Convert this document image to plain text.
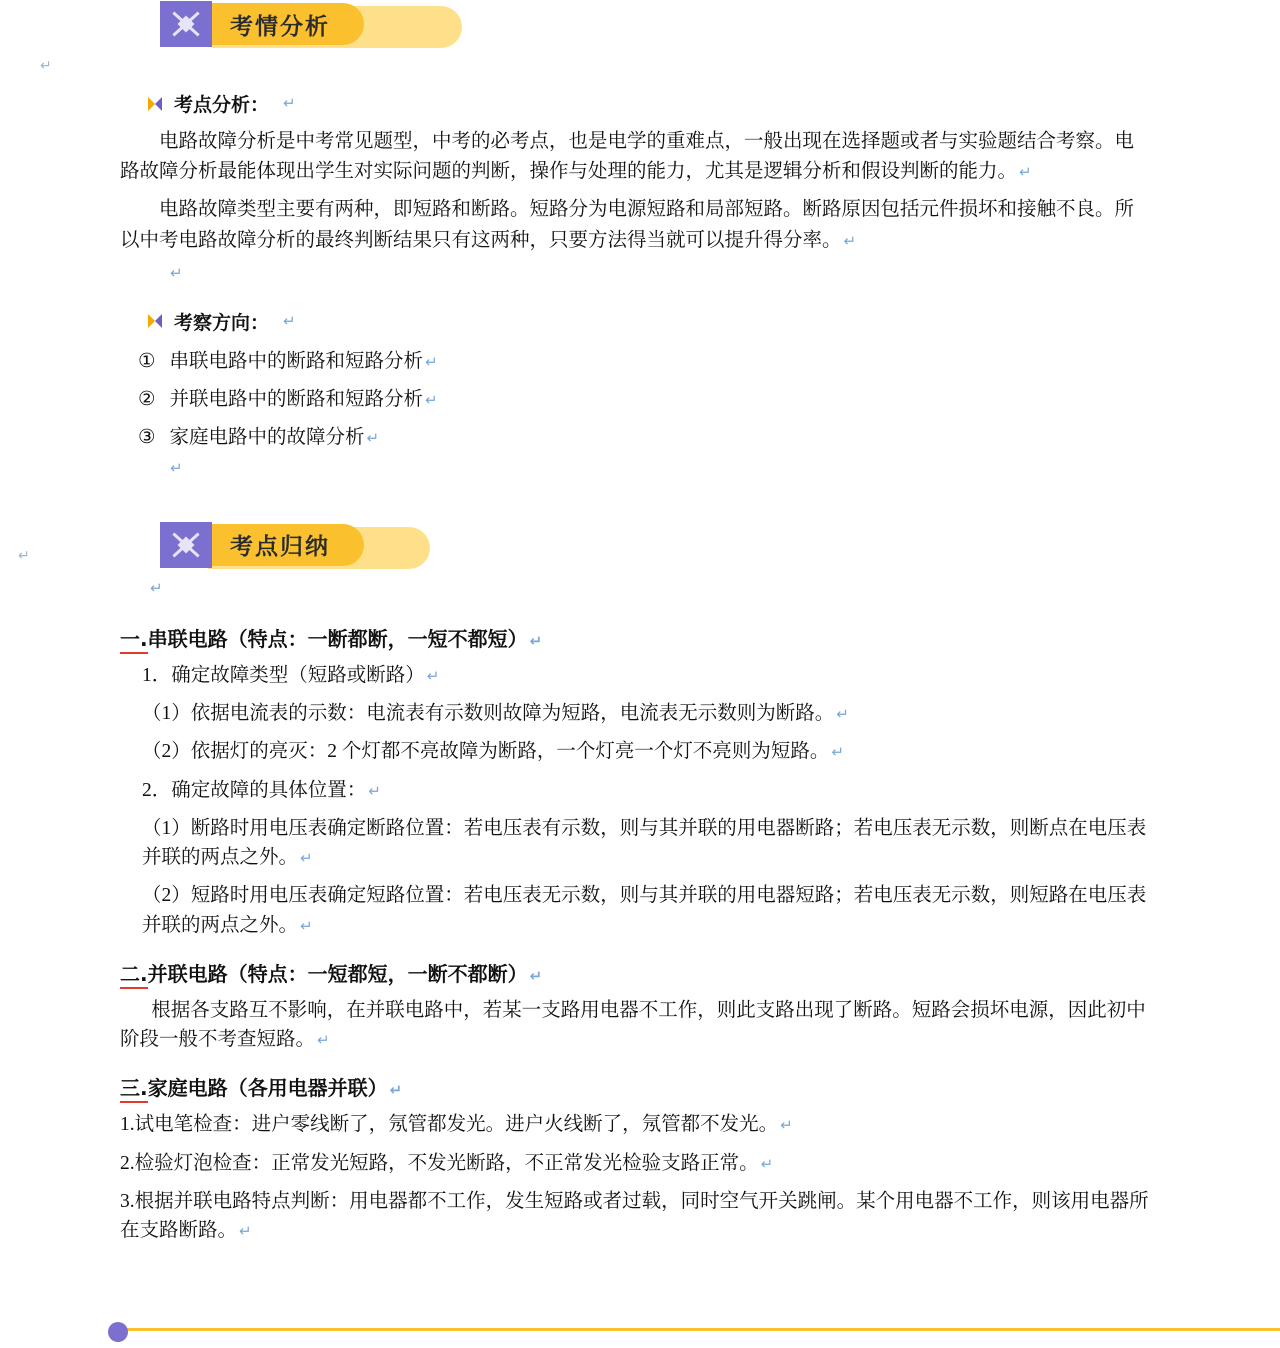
↵
↵
考情分析
考点分析： ↵

电路故障分析是中考常见题型，中考的必考点，也是电学的重难点，一般出现在选择题或者与实验题结合考察。电路故障分析最能体现出学生对实际问题的判断，操作与处理的能力，尤其是逻辑分析和假设判断的能力。 ↵

电路故障类型主要有两种，即短路和断路。短路分为电源短路和局部短路。断路原因包括元件损坏和接触不良。所以中考电路故障分析的最终判断结果只有这两种，只要方法得当就可以提升得分率。 ↵

↵
考察方向： ↵
① 串联电路中的断路和短路分析 ↵
② 并联电路中的断路和短路分析 ↵
③ 家庭电路中的故障分析 ↵
↵
考点归纳
↵
一.串联电路（特点：一断都断，一短不都短） ↵
1．确定故障类型（短路或断路） ↵
（1）依据电流表的示数：电流表有示数则故障为短路，电流表无示数则为断路。 ↵
（2）依据灯的亮灭：2 个灯都不亮故障为断路，一个灯亮一个灯不亮则为短路。 ↵
2．确定故障的具体位置： ↵
（1）断路时用电压表确定断路位置：若电压表有示数，则与其并联的用电器断路；若电压表无示数，则断点在电压表并联的两点之外。 ↵
（2）短路时用电压表确定短路位置：若电压表无示数，则与其并联的用电器短路；若电压表无示数，则短路在电压表并联的两点之外。 ↵
二.并联电路（特点：一短都短，一断不都断） ↵
根据各支路互不影响，在并联电路中，若某一支路用电器不工作，则此支路出现了断路。短路会损坏电源，因此初中阶段一般不考查短路。 ↵
三.家庭电路（各用电器并联） ↵
1.试电笔检查：进户零线断了，氖管都发光。进户火线断了，氖管都不发光。 ↵
2.检验灯泡检查：正常发光短路，不发光断路，不正常发光检验支路正常。 ↵
3.根据并联电路特点判断：用电器都不工作，发生短路或者过载，同时空气开关跳闸。某个用电器不工作，则该用电器所在支路断路。 ↵
